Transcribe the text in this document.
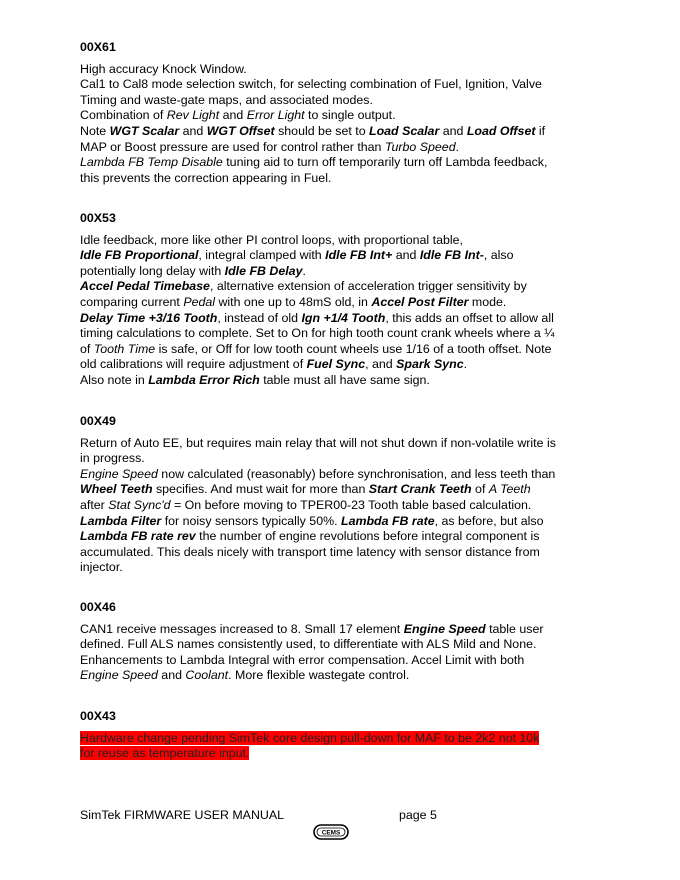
00X61
High accuracy Knock Window.
Cal1 to Cal8 mode selection switch, for selecting combination of Fuel, Ignition, Valve
Timing and waste-gate maps, and associated modes.
Combination of Rev Light and Error Light to single output.
Note WGT Scalar and WGT Offset should be set to Load Scalar and Load Offset if
MAP or Boost pressure are used for control rather than Turbo Speed.
Lambda FB Temp Disable tuning aid to turn off temporarily turn off Lambda feedback,
this prevents the correction appearing in Fuel.
00X53
Idle feedback, more like other PI control loops, with proportional table,
Idle FB Proportional, integral clamped with Idle FB Int+ and Idle FB Int-, also
potentially long delay with Idle FB Delay.
Accel Pedal Timebase, alternative extension of acceleration trigger sensitivity by
comparing current Pedal with one up to 48mS old, in Accel Post Filter mode.
Delay Time +3/16 Tooth, instead of old Ign +1/4 Tooth, this adds an offset to allow all
timing calculations to complete. Set to On for high tooth count crank wheels where a ¼
of Tooth Time is safe, or Off for low tooth count wheels use 1/16 of a tooth offset. Note
old calibrations will require adjustment of Fuel Sync, and Spark Sync.
Also note in Lambda Error Rich table must all have same sign.
00X49
Return of Auto EE, but requires main relay that will not shut down if non-volatile write is
in progress.
Engine Speed now calculated (reasonably) before synchronisation, and less teeth than
Wheel Teeth specifies. And must wait for more than Start Crank Teeth of A Teeth
after Stat Sync'd = On before moving to TPER00-23 Tooth table based calculation.
Lambda Filter for noisy sensors typically 50%. Lambda FB rate, as before, but also
Lambda FB rate rev the number of engine revolutions before integral component is
accumulated. This deals nicely with transport time latency with sensor distance from
injector.
00X46
CAN1 receive messages increased to 8. Small 17 element Engine Speed table user
defined. Full ALS names consistently used, to differentiate with ALS Mild and None.
Enhancements to Lambda Integral with error compensation. Accel Limit with both
Engine Speed and Coolant. More flexible wastegate control.
00X43
Hardware change pending SimTek core design pull-down for MAF to be 2k2 not 10k
for reuse as temperature input.
SimTek FIRMWARE USER MANUAL	page 5
CEMS
